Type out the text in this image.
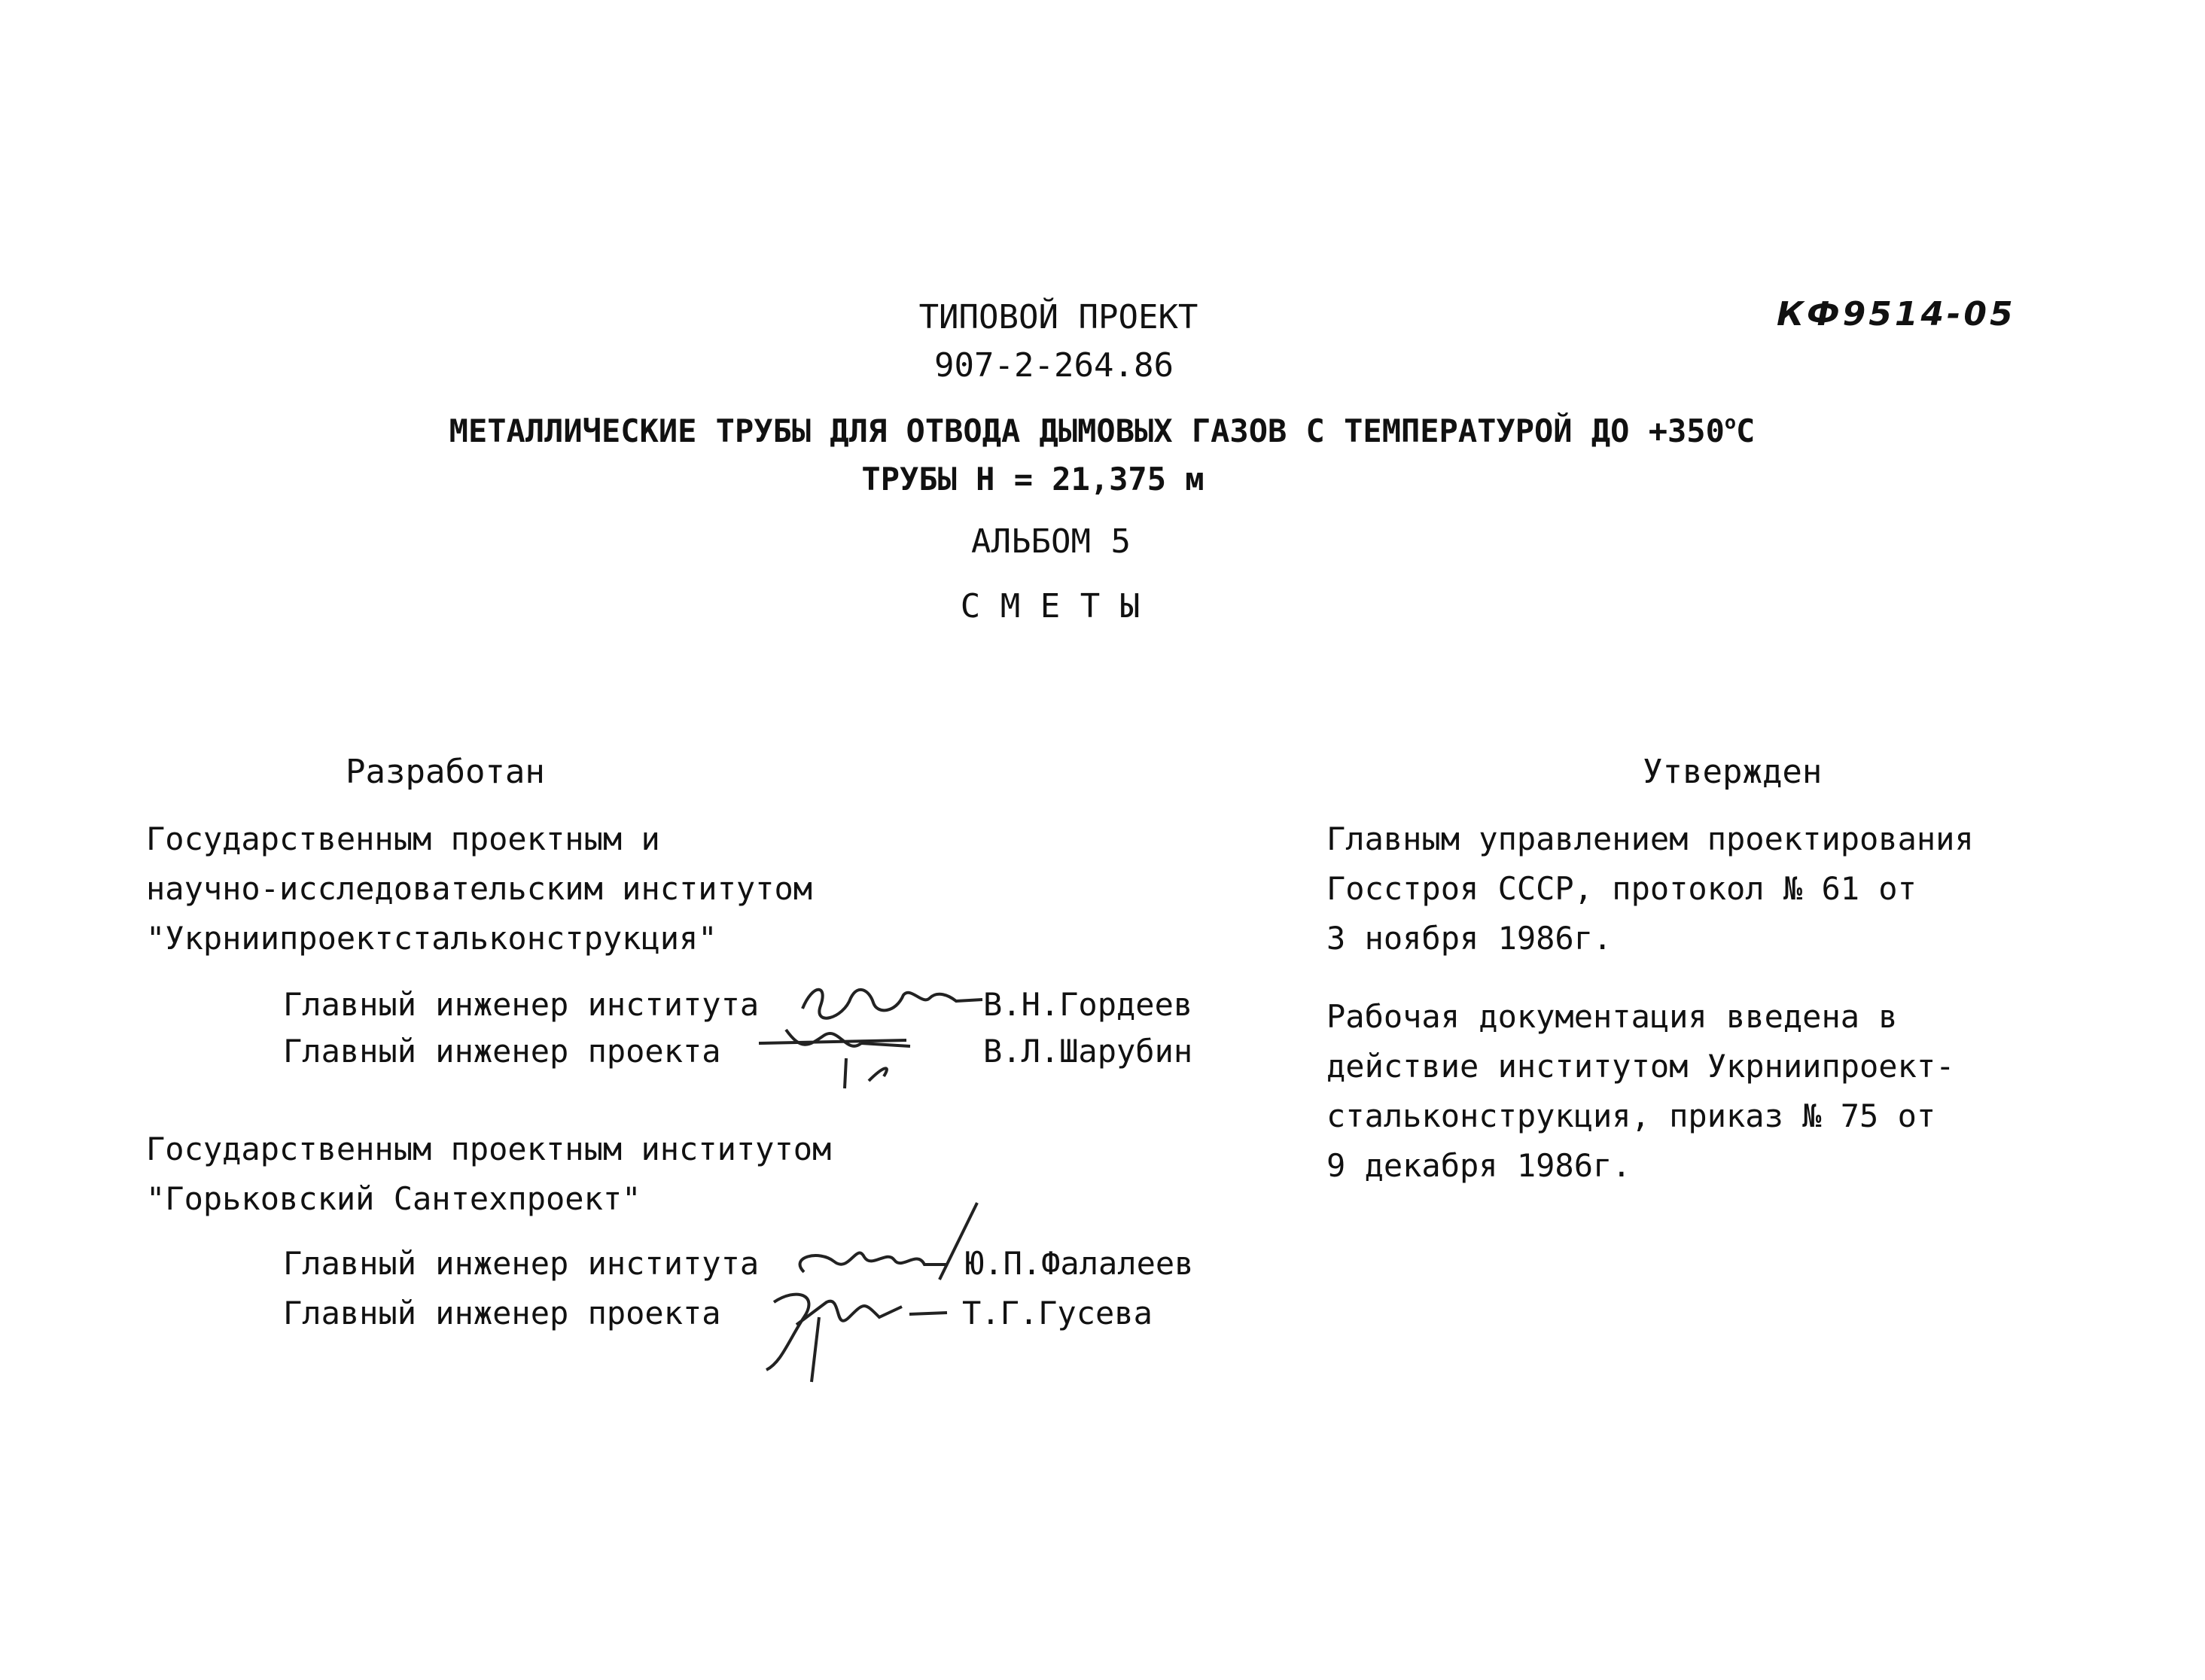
КФ9514-05
ТИПОВОЙ ПРОЕКТ
907-2-264.86
МЕТАЛЛИЧЕСКИЕ ТРУБЫ ДЛЯ ОТВОДА ДЫМОВЫХ ГАЗОВ С ТЕМПЕРАТУРОЙ ДО $+350^оС$
ТРУБЫ Н = 21,375 м
АЛЬБОМ 5
С М Е Т Ы
Разработан
Государственным проектным и
научно-исследовательским институтом
"Укрниипроектстальконструкция"
Главный инженер института	В.Н.Гордеев
Главный инженер проекта	В.Л.Шарубин
Государственным проектным институтом
"Горьковский Сантехпроект"
Главный инженер института	Ю.П.Фалалеев
Главный инженер проекта	Т.Г.Гусева
Утвержден
Главным управлением проектирования
Госстроя СССР, протокол № 61 от
3 ноября 1986г.
Рабочая документация введена в
действие институтом Укрниипроект-
стальконструкция, приказ № 75 от
9 декабря 1986г.
